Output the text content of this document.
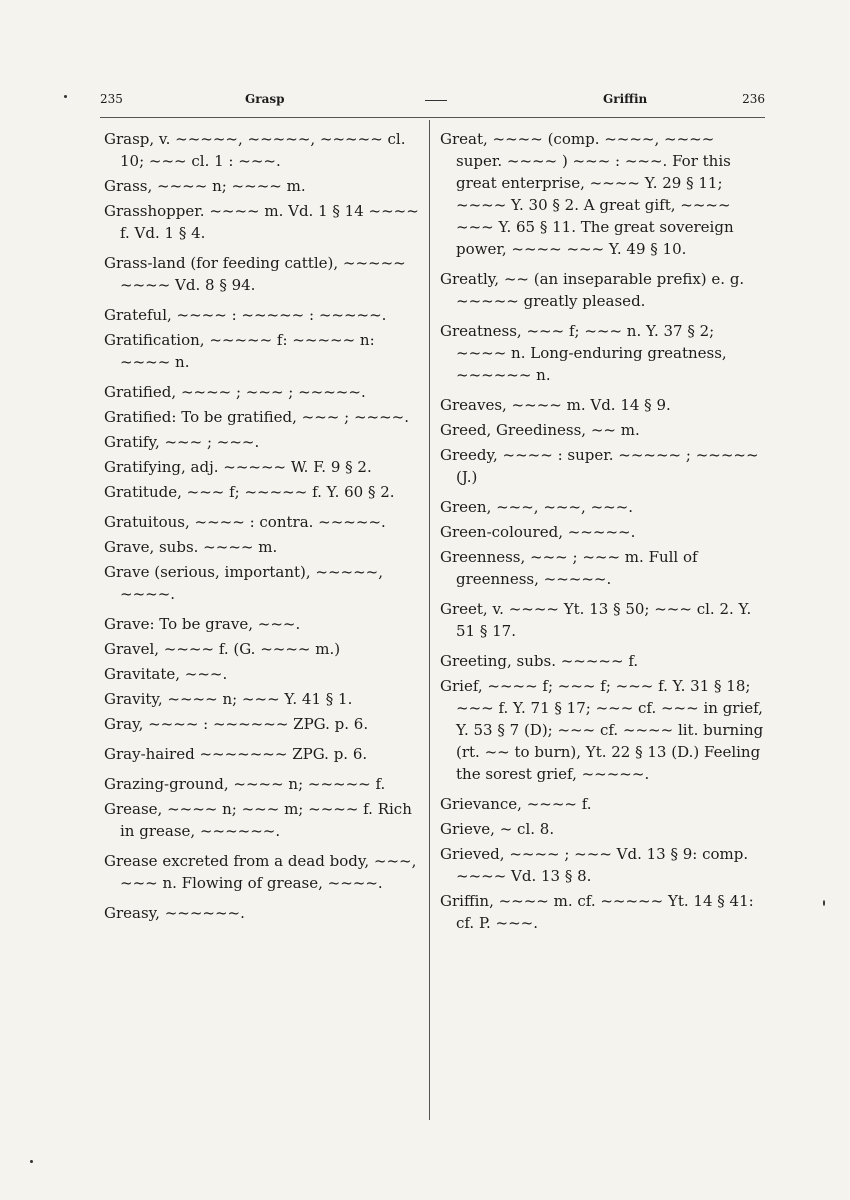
235	Grasp	Griffin	236
Grasp, v. ~~~~~, ~~~~~, ~~~~~ cl. 10; ~~~ cl. 1 : ~~~.
Grass, ~~~~ n; ~~~~ m.
Grasshopper. ~~~~ m. Vd. 1 § 14 ~~~~ f. Vd. 1 § 4.
Grass-land (for feeding cattle), ~~~~~ ~~~~ Vd. 8 § 94.
Grateful, ~~~~ : ~~~~~ : ~~~~~.
Gratification, ~~~~~ f: ~~~~~ n: ~~~~ n.
Gratified, ~~~~ ; ~~~ ; ~~~~~.
Gratified: To be gratified, ~~~ ; ~~~~.
Gratify, ~~~ ; ~~~.
Gratifying, adj. ~~~~~ W. F. 9 § 2.
Gratitude, ~~~ f; ~~~~~ f. Y. 60 § 2.
Gratuitous, ~~~~ : contra. ~~~~~.
Grave, subs. ~~~~ m.
Grave (serious, important), ~~~~~, ~~~~.
Grave: To be grave, ~~~.
Gravel, ~~~~ f. (G. ~~~~ m.)
Gravitate, ~~~.
Gravity, ~~~~ n; ~~~ Y. 41 § 1.
Gray, ~~~~ : ~~~~~~ ZPG. p. 6.
Gray-haired ~~~~~~~ ZPG. p. 6.
Grazing-ground, ~~~~ n; ~~~~~ f.
Grease, ~~~~ n; ~~~ m; ~~~~ f. Rich in grease, ~~~~~~.
Grease excreted from a dead body, ~~~, ~~~ n. Flowing of grease, ~~~~.
Greasy, ~~~~~~.
Great, ~~~~ (comp. ~~~~, ~~~~ super. ~~~~ ) ~~~ : ~~~. For this great enterprise, ~~~~ Y. 29 § 11; ~~~~ Y. 30 § 2. A great gift, ~~~~ ~~~ Y. 65 § 11. The great sovereign power, ~~~~ ~~~ Y. 49 § 10.
Greatly, ~~ (an inseparable prefix) e. g. ~~~~~ greatly pleased.
Greatness, ~~~ f; ~~~ n. Y. 37 § 2; ~~~~ n. Long-enduring greatness, ~~~~~~ n.
Greaves, ~~~~ m. Vd. 14 § 9.
Greed, Greediness, ~~ m.
Greedy, ~~~~ : super. ~~~~~ ; ~~~~~ (J.)
Green, ~~~, ~~~, ~~~.
Green-coloured, ~~~~~.
Greenness, ~~~ ; ~~~ m. Full of greenness, ~~~~~.
Greet, v. ~~~~ Yt. 13 § 50; ~~~ cl. 2. Y. 51 § 17.
Greeting, subs. ~~~~~ f.
Grief, ~~~~ f; ~~~ f; ~~~ f. Y. 31 § 18; ~~~ f. Y. 71 § 17; ~~~ cf. ~~~ in grief, Y. 53 § 7 (D); ~~~ cf. ~~~~ lit. burning (rt. ~~ to burn), Yt. 22 § 13 (D.) Feeling the sorest grief, ~~~~~.
Grievance, ~~~~ f.
Grieve, ~ cl. 8.
Grieved, ~~~~ ; ~~~ Vd. 13 § 9: comp. ~~~~ Vd. 13 § 8.
Griffin, ~~~~ m. cf. ~~~~~ Yt. 14 § 41: cf. P. ~~~.
